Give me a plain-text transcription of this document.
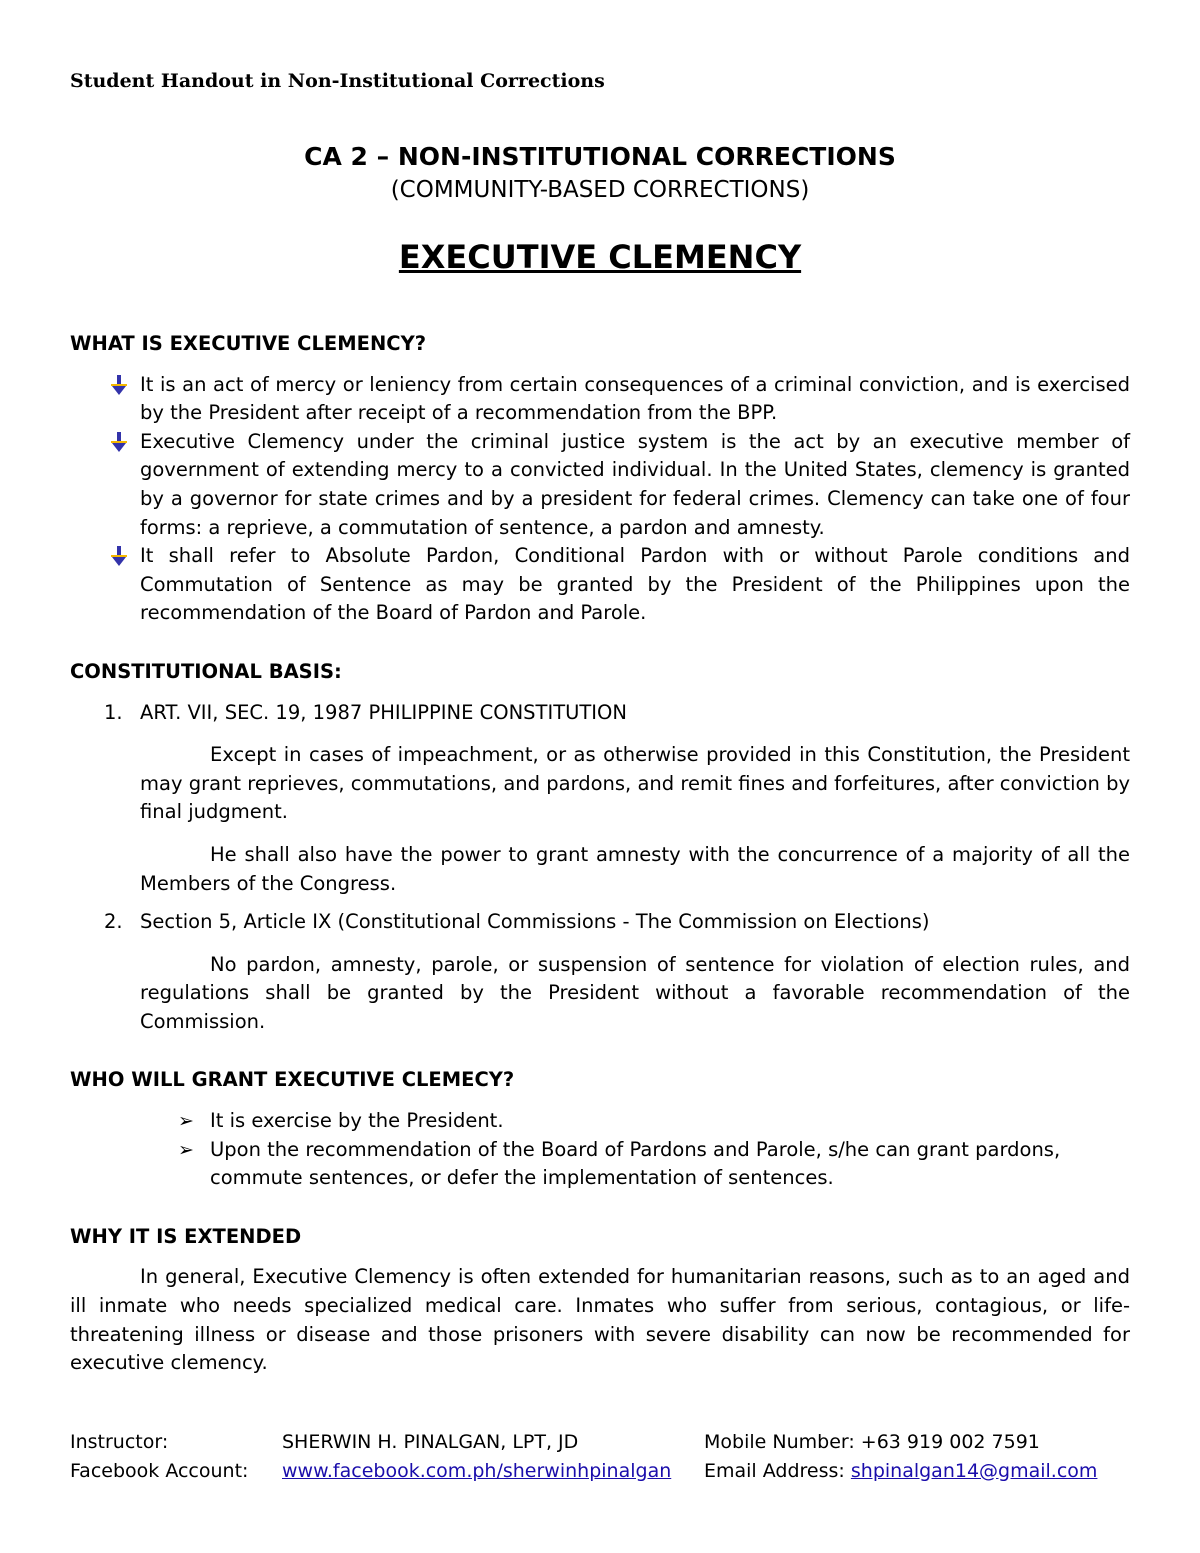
Student Handout in Non-Institutional Corrections
CA 2 – NON-INSTITUTIONAL CORRECTIONS
(COMMUNITY-BASED CORRECTIONS)
EXECUTIVE CLEMENCY

WHAT IS EXECUTIVE CLEMENCY?

It is an act of mercy or leniency from certain consequences of a criminal conviction, and is exercised by the President after receipt of a recommendation from the BPP.
Executive Clemency under the criminal justice system is the act by an executive member of government of extending mercy to a convicted individual. In the United States, clemency is granted by a governor for state crimes and by a president for federal crimes. Clemency can take one of four forms: a reprieve, a commutation of sentence, a pardon and amnesty.
It shall refer to Absolute Pardon, Conditional Pardon with or without Parole conditions and Commutation of Sentence as may be granted by the President of the Philippines upon the recommendation of the Board of Pardon and Parole.

CONSTITUTIONAL BASIS:

1. ART. VII, SEC. 19, 1987 PHILIPPINE CONSTITUTION

Except in cases of impeachment, or as otherwise provided in this Constitution, the President may grant reprieves, commutations, and pardons, and remit fines and forfeitures, after conviction by final judgment.

He shall also have the power to grant amnesty with the concurrence of a majority of all the Members of the Congress.

2. Section 5, Article IX (Constitutional Commissions - The Commission on Elections)

No pardon, amnesty, parole, or suspension of sentence for violation of election rules, and regulations shall be granted by the President without a favorable recommendation of the Commission.

WHO WILL GRANT EXECUTIVE CLEMECY?

➢ It is exercise by the President.
➢ Upon the recommendation of the Board of Pardons and Parole, s/he can grant pardons, commute sentences, or defer the implementation of sentences.

WHY IT IS EXTENDED

In general, Executive Clemency is often extended for humanitarian reasons, such as to an aged and ill inmate who needs specialized medical care. Inmates who suffer from serious, contagious, or life-threatening illness or disease and those prisoners with severe disability can now be recommended for executive clemency.

Instructor:	SHERWIN H. PINALGAN, LPT, JD	Mobile Number: +63 919 002 7591
Facebook Account: www.facebook.com.ph/sherwinhpinalgan Email Address: shpinalgan14@gmail.com
